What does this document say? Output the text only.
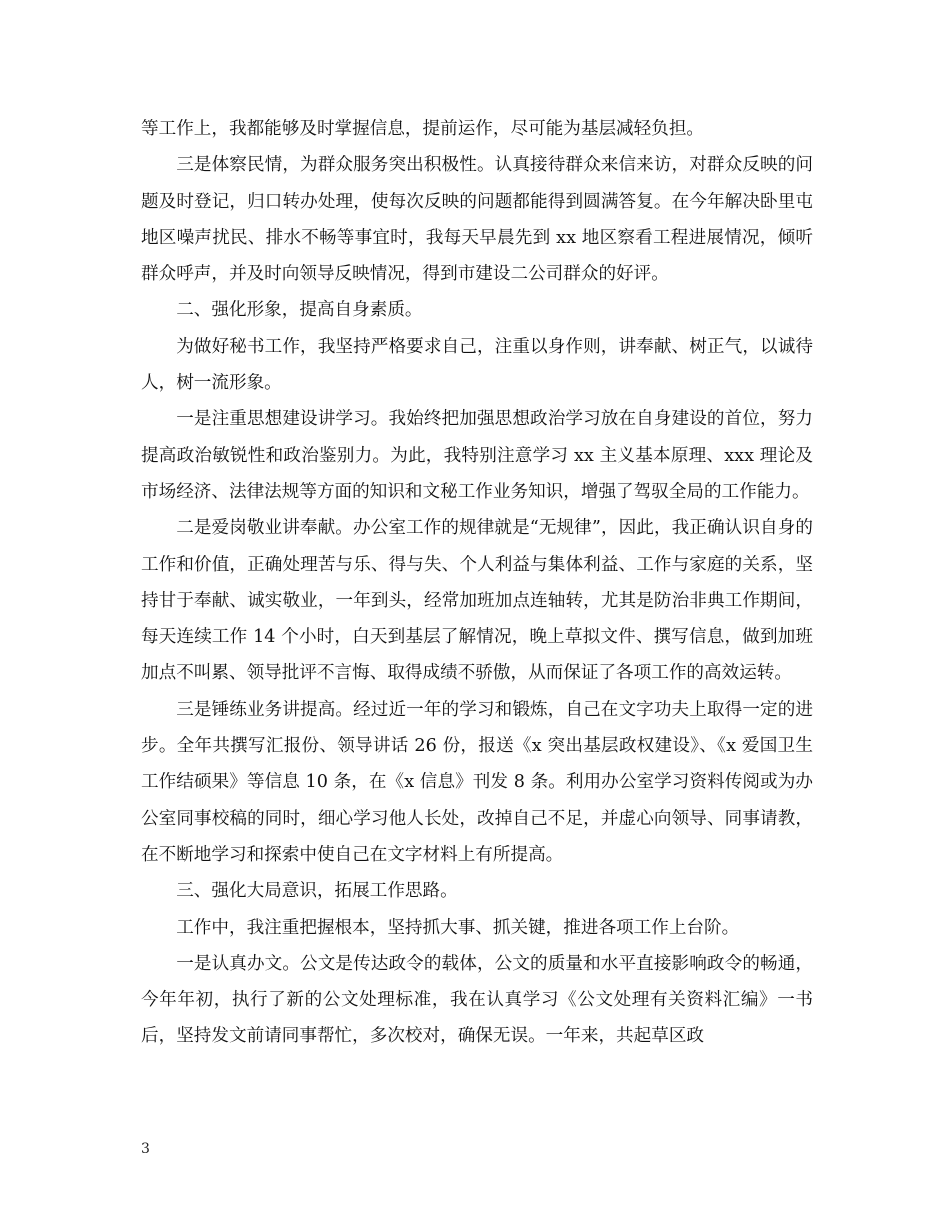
等工作上，我都能够及时掌握信息，提前运作，尽可能为基层减轻负担。

三是体察民情，为群众服务突出积极性。认真接待群众来信来访，对群众反映的问题及时登记，归口转办处理，使每次反映的问题都能得到圆满答复。在今年解决卧里屯地区噪声扰民、排水不畅等事宜时，我每天早晨先到 xx 地区察看工程进展情况，倾听群众呼声，并及时向领导反映情况，得到市建设二公司群众的好评。

二、强化形象，提高自身素质。

为做好秘书工作，我坚持严格要求自己，注重以身作则，讲奉献、树正气，以诚待人，树一流形象。

一是注重思想建设讲学习。我始终把加强思想政治学习放在自身建设的首位，努力提高政治敏锐性和政治鉴别力。为此，我特别注意学习 xx 主义基本原理、xxx 理论及市场经济、法律法规等方面的知识和文秘工作业务知识，增强了驾驭全局的工作能力。

二是爱岗敬业讲奉献。办公室工作的规律就是“无规律”，因此，我正确认识自身的工作和价值，正确处理苦与乐、得与失、个人利益与集体利益、工作与家庭的关系，坚持甘于奉献、诚实敬业，一年到头，经常加班加点连轴转，尤其是防治非典工作期间，每天连续工作 14 个小时，白天到基层了解情况，晚上草拟文件、撰写信息，做到加班加点不叫累、领导批评不言悔、取得成绩不骄傲，从而保证了各项工作的高效运转。

三是锤练业务讲提高。经过近一年的学习和锻炼，自己在文字功夫上取得一定的进步。全年共撰写汇报份、领导讲话 26 份，报送《x 突出基层政权建设》、《x 爱国卫生工作结硕果》等信息 10 条，在《x 信息》刊发 8 条。利用办公室学习资料传阅或为办公室同事校稿的同时，细心学习他人长处，改掉自己不足，并虚心向领导、同事请教，在不断地学习和探索中使自己在文字材料上有所提高。

三、强化大局意识，拓展工作思路。

工作中，我注重把握根本，坚持抓大事、抓关键，推进各项工作上台阶。

一是认真办文。公文是传达政令的载体，公文的质量和水平直接影响政令的畅通，今年年初，执行了新的公文处理标准，我在认真学习《公文处理有关资料汇编》一书后，坚持发文前请同事帮忙，多次校对，确保无误。一年来，共起草区政

3
